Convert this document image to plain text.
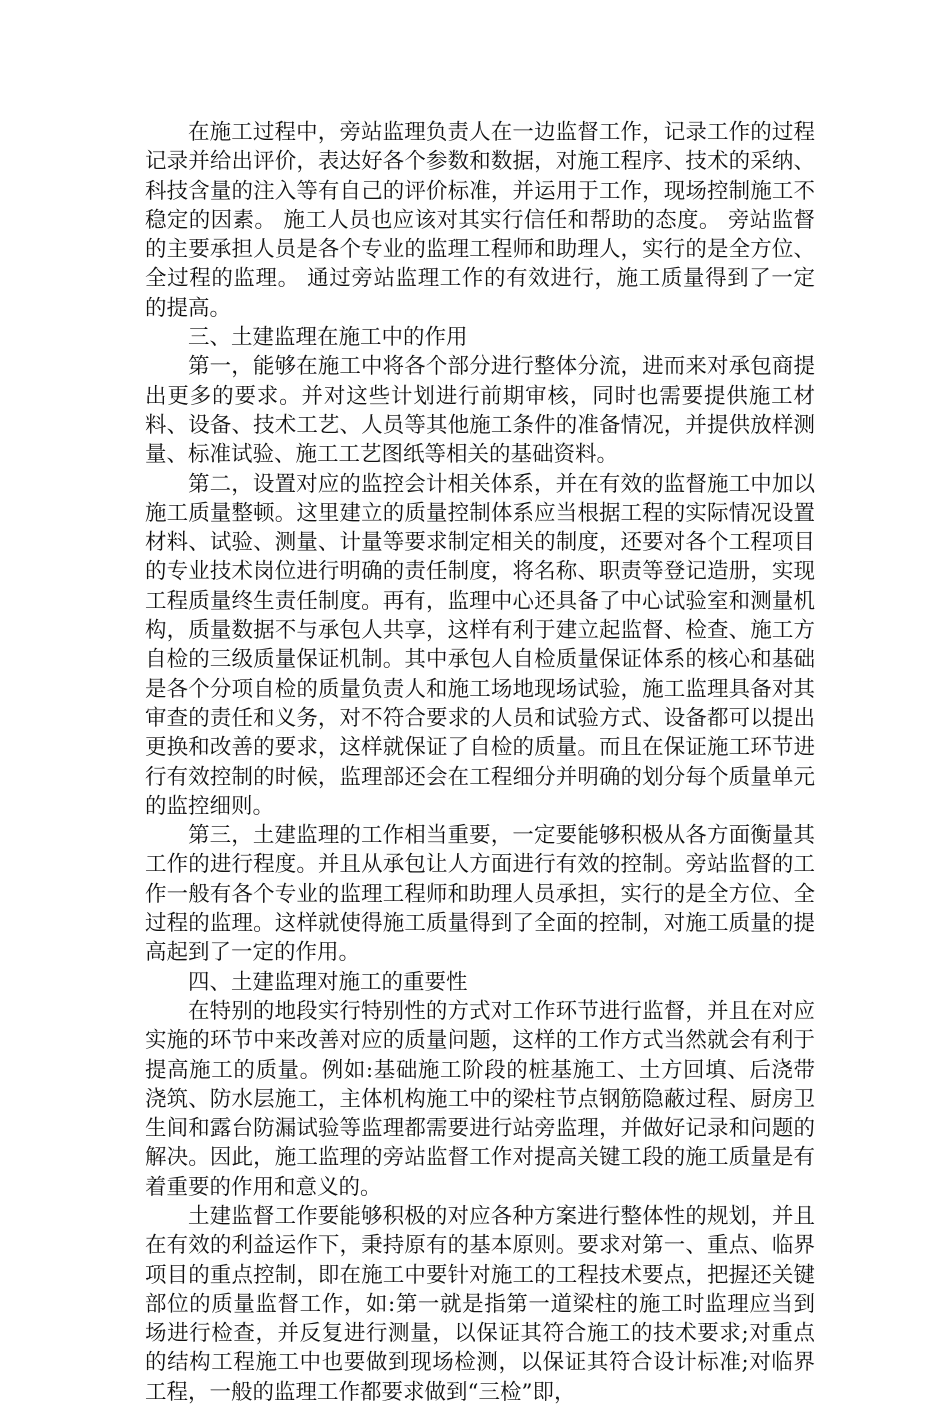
在施工过程中，旁站监理负责人在一边监督工作，记录工作的过程记录并给出评价，表达好各个参数和数据，对施工程序、技术的采纳、科技含量的注入等有自己的评价标准，并运用于工作，现场控制施工不稳定的因素。 施工人员也应该对其实行信任和帮助的态度。 旁站监督的主要承担人员是各个专业的监理工程师和助理人，实行的是全方位、全过程的监理。 通过旁站监理工作的有效进行，施工质量得到了一定的提高。

三、土建监理在施工中的作用

第一，能够在施工中将各个部分进行整体分流，进而来对承包商提出更多的要求。并对这些计划进行前期审核，同时也需要提供施工材料、设备、技术工艺、人员等其他施工条件的准备情况，并提供放样测量、标准试验、施工工艺图纸等相关的基础资料。

第二，设置对应的监控会计相关体系，并在有效的监督施工中加以施工质量整顿。这里建立的质量控制体系应当根据工程的实际情况设置材料、试验、测量、计量等要求制定相关的制度，还要对各个工程项目的专业技术岗位进行明确的责任制度，将名称、职责等登记造册，实现工程质量终生责任制度。再有，监理中心还具备了中心试验室和测量机构，质量数据不与承包人共享，这样有利于建立起监督、检查、施工方自检的三级质量保证机制。其中承包人自检质量保证体系的核心和基础是各个分项自检的质量负责人和施工场地现场试验，施工监理具备对其审查的责任和义务，对不符合要求的人员和试验方式、设备都可以提出更换和改善的要求，这样就保证了自检的质量。而且在保证施工环节进行有效控制的时候，监理部还会在工程细分并明确的划分每个质量单元的监控细则。

第三，土建监理的工作相当重要，一定要能够积极从各方面衡量其工作的进行程度。并且从承包让人方面进行有效的控制。旁站监督的工作一般有各个专业的监理工程师和助理人员承担，实行的是全方位、全过程的监理。这样就使得施工质量得到了全面的控制，对施工质量的提高起到了一定的作用。

四、土建监理对施工的重要性

在特别的地段实行特别性的方式对工作环节进行监督，并且在对应实施的环节中来改善对应的质量问题，这样的工作方式当然就会有利于提高施工的质量。例如:基础施工阶段的桩基施工、土方回填、后浇带浇筑、防水层施工，主体机构施工中的梁柱节点钢筋隐蔽过程、厨房卫生间和露台防漏试验等监理都需要进行站旁监理，并做好记录和问题的解决。因此，施工监理的旁站监督工作对提高关键工段的施工质量是有着重要的作用和意义的。

土建监督工作要能够积极的对应各种方案进行整体性的规划，并且在有效的利益运作下，秉持原有的基本原则。要求对第一、重点、临界项目的重点控制，即在施工中要针对施工的工程技术要点，把握还关键部位的质量监督工作，如:第一就是指第一道梁柱的施工时监理应当到场进行检查，并反复进行测量，以保证其符合施工的技术要求;对重点的结构工程施工中也要做到现场检测，以保证其符合设计标准;对临界工程，一般的监理工作都要求做到“三检”即，
